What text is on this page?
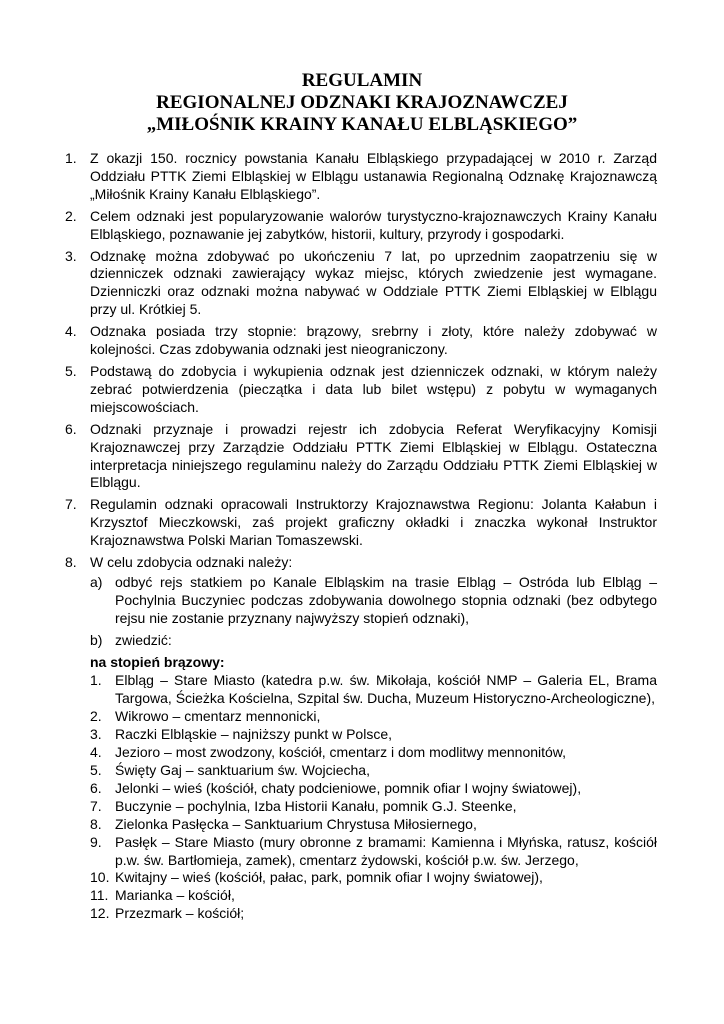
REGULAMIN
REGIONALNEJ ODZNAKI KRAJOZNAWCZEJ
„MIŁOŚNIK KRAINY KANAŁU ELBLĄSKIEGO”
1. Z okazji 150. rocznicy powstania Kanału Elbląskiego przypadającej w 2010 r. Zarząd Oddziału PTTK Ziemi Elbląskiej w Elblągu ustanawia Regionalną Odznakę Krajoznawczą „Miłośnik Krainy Kanału Elbląskiego”.
2. Celem odznaki jest popularyzowanie walorów turystyczno-krajoznawczych Krainy Kanału Elbląskiego, poznawanie jej zabytków, historii, kultury, przyrody i gospodarki.
3. Odznakę można zdobywać po ukończeniu 7 lat, po uprzednim zaopatrzeniu się w dzienniczek odznaki zawierający wykaz miejsc, których zwiedzenie jest wymagane. Dzienniczki oraz odznaki można nabywać w Oddziale PTTK Ziemi Elbląskiej w Elblągu przy ul. Krótkiej 5.
4. Odznaka posiada trzy stopnie: brązowy, srebrny i złoty, które należy zdobywać w kolejności. Czas zdobywania odznaki jest nieograniczony.
5. Podstawą do zdobycia i wykupienia odznak jest dzienniczek odznaki, w którym należy zebrać potwierdzenia (pieczątka i data lub bilet wstępu) z pobytu w wymaganych miejscowościach.
6. Odznaki przyznaje i prowadzi rejestr ich zdobycia Referat Weryfikacyjny Komisji Krajoznawczej przy Zarządzie Oddziału PTTK Ziemi Elbląskiej w Elblągu. Ostateczna interpretacja niniejszego regulaminu należy do Zarządu Oddziału PTTK Ziemi Elbląskiej w Elblągu.
7. Regulamin odznaki opracowali Instruktorzy Krajoznawstwa Regionu: Jolanta Kałabun i Krzysztof Mieczkowski, zaś projekt graficzny okładki i znaczka wykonał Instruktor Krajoznawstwa Polski Marian Tomaszewski.
8. W celu zdobycia odznaki należy:
a) odbyć rejs statkiem po Kanale Elbląskim na trasie Elbląg – Ostróda lub Elbląg – Pochylnia Buczyniec podczas zdobywania dowolnego stopnia odznaki (bez odbytego rejsu nie zostanie przyznany najwyższy stopień odznaki),
b) zwiedzić:
na stopień brązowy:
1. Elbląg – Stare Miasto (katedra p.w. św. Mikołaja, kościół NMP – Galeria EL, Brama Targowa, Ścieżka Kościelna, Szpital św. Ducha, Muzeum Historyczno-Archeologiczne),
2. Wikrowo – cmentarz mennonicki,
3. Raczki Elbląskie – najniższy punkt w Polsce,
4. Jezioro – most zwodzony, kościół, cmentarz i dom modlitwy mennonitów,
5. Święty Gaj – sanktuarium św. Wojciecha,
6. Jelonki – wieś (kościół, chaty podcieniowe, pomnik ofiar I wojny światowej),
7. Buczynie – pochylnia, Izba Historii Kanału, pomnik G.J. Steenke,
8. Zielonka Pasłęcka – Sanktuarium Chrystusa Miłosiernego,
9. Pasłęk – Stare Miasto (mury obronne z bramami: Kamienna i Młyńska, ratusz, kościół p.w. św. Bartłomieja, zamek), cmentarz żydowski, kościół p.w. św. Jerzego,
10. Kwitajny – wieś (kościół, pałac, park, pomnik ofiar I wojny światowej),
11. Marianka – kościół,
12. Przezmark – kościół;
